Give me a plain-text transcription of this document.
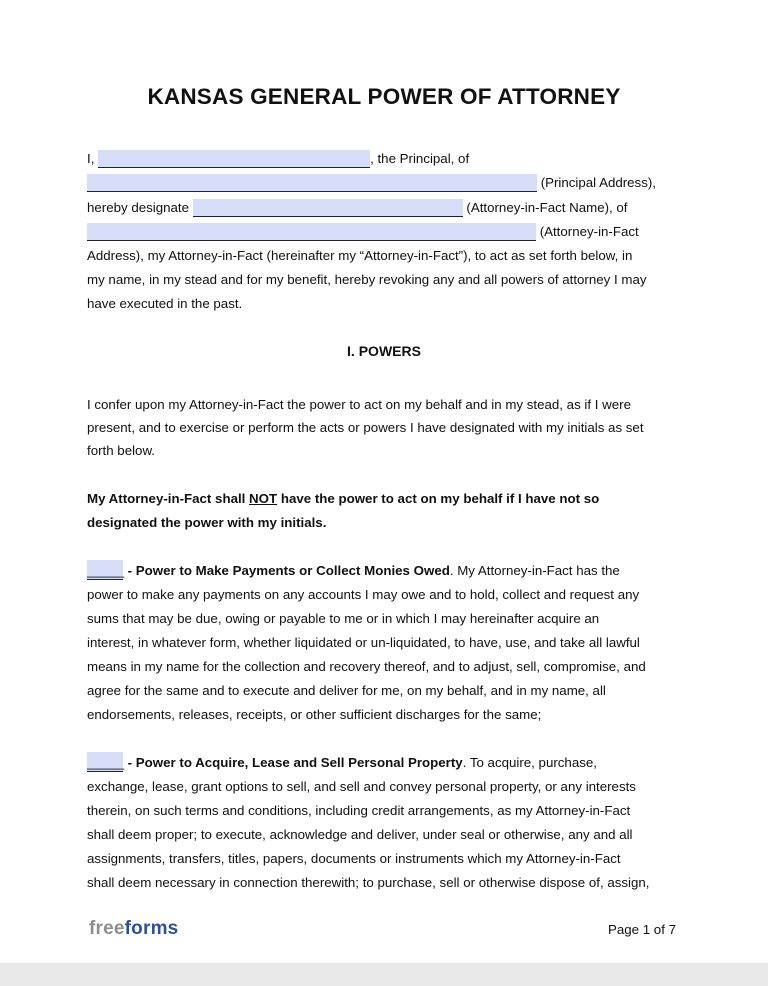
KANSAS GENERAL POWER OF ATTORNEY
I,	, the Principal, of
(Principal Address),
hereby designate	(Attorney-in-Fact Name), of
(Attorney-in-Fact
Address), my Attorney-in-Fact (hereinafter my “Attorney-in-Fact”), to act as set forth below, in
my name, in my stead and for my benefit, hereby revoking any and all powers of attorney I may
have executed in the past.
I. POWERS
I confer upon my Attorney-in-Fact the power to act on my behalf and in my stead, as if I were
present, and to exercise or perform the acts or powers I have designated with my initials as set
forth below.
My Attorney-in-Fact shall NOT have the power to act on my behalf if I have not so
designated the power with my initials.
_____ - Power to Make Payments or Collect Monies Owed. My Attorney-in-Fact has the
power to make any payments on any accounts I may owe and to hold, collect and request any
sums that may be due, owing or payable to me or in which I may hereinafter acquire an
interest, in whatever form, whether liquidated or un-liquidated, to have, use, and take all lawful
means in my name for the collection and recovery thereof, and to adjust, sell, compromise, and
agree for the same and to execute and deliver for me, on my behalf, and in my name, all
endorsements, releases, receipts, or other sufficient discharges for the same;
_____ - Power to Acquire, Lease and Sell Personal Property. To acquire, purchase,
exchange, lease, grant options to sell, and sell and convey personal property, or any interests
therein, on such terms and conditions, including credit arrangements, as my Attorney-in-Fact
shall deem proper; to execute, acknowledge and deliver, under seal or otherwise, any and all
assignments, transfers, titles, papers, documents or instruments which my Attorney-in-Fact
shall deem necessary in connection therewith; to purchase, sell or otherwise dispose of, assign,
freeforms	Page 1 of 7
